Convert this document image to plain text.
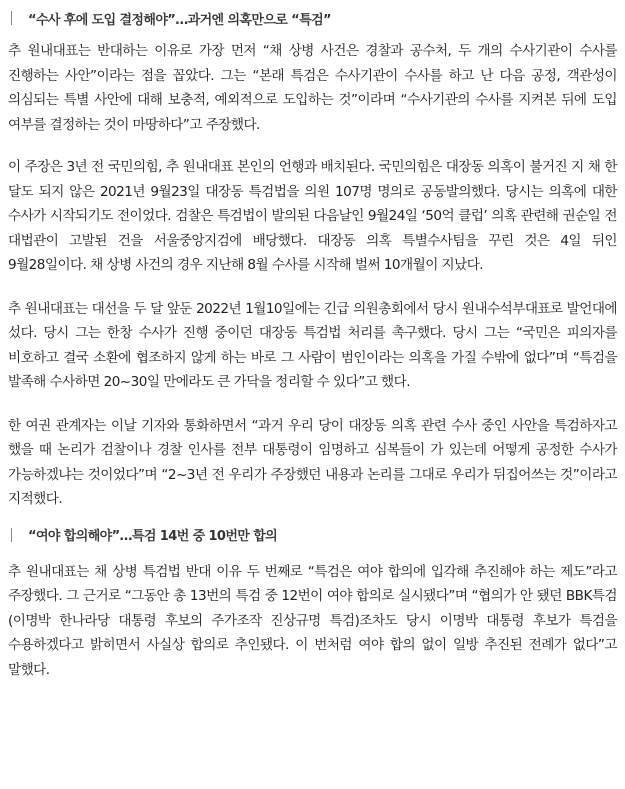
“수사 후에 도입 결정해야”…과거엔 의혹만으로 “특검”

추 원내대표는 반대하는 이유로 가장 먼저 “채 상병 사건은 경찰과 공수처, 두 개의 수사기관이 수사를 진행하는 사안”이라는 점을 꼽았다. 그는 “본래 특검은 수사기관이 수사를 하고 난 다음 공정, 객관성이 의심되는 특별 사안에 대해 보충적, 예외적으로 도입하는 것”이라며 “수사기관의 수사를 지켜본 뒤에 도입 여부를 결정하는 것이 마땅하다”고 주장했다.

이 주장은 3년 전 국민의힘, 추 원내대표 본인의 언행과 배치된다. 국민의힘은 대장동 의혹이 불거진 지 채 한 달도 되지 않은 2021년 9월23일 대장동 특검법을 의원 107명 명의로 공동발의했다. 당시는 의혹에 대한 수사가 시작되기도 전이었다. 검찰은 특검법이 발의된 다음날인 9월24일 ‘50억 클럽’ 의혹 관련해 권순일 전 대법관이 고발된 건을 서울중앙지검에 배당했다. 대장동 의혹 특별수사팀을 꾸린 것은 4일 뒤인 9월28일이다. 채 상병 사건의 경우 지난해 8월 수사를 시작해 벌써 10개월이 지났다.

추 원내대표는 대선을 두 달 앞둔 2022년 1월10일에는 긴급 의원총회에서 당시 원내수석부대표로 발언대에 섰다. 당시 그는 한창 수사가 진행 중이던 대장동 특검법 처리를 촉구했다. 당시 그는 “국민은 피의자를 비호하고 결국 소환에 협조하지 않게 하는 바로 그 사람이 범인이라는 의혹을 가질 수밖에 없다”며 “특검을 발족해 수사하면 20~30일 만에라도 큰 가닥을 정리할 수 있다”고 했다.

한 여권 관계자는 이날 기자와 통화하면서 “과거 우리 당이 대장동 의혹 관련 수사 중인 사안을 특검하자고 했을 때 논리가 검찰이나 경찰 인사를 전부 대통령이 임명하고 심복들이 가 있는데 어떻게 공정한 수사가 가능하겠냐는 것이었다”며 “2~3년 전 우리가 주장했던 내용과 논리를 그대로 우리가 뒤집어쓰는 것”이라고 지적했다.

“여야 합의해야”…특검 14번 중 10번만 합의

추 원내대표는 채 상병 특검법 반대 이유 두 번째로 “특검은 여야 합의에 입각해 추진해야 하는 제도”라고 주장했다. 그 근거로 “그동안 총 13번의 특검 중 12번이 여야 합의로 실시됐다”며 “협의가 안 됐던 BBK특검(이명박 한나라당 대통령 후보의 주가조작 진상규명 특검)조차도 당시 이명박 대통령 후보가 특검을 수용하겠다고 밝히면서 사실상 합의로 추인됐다. 이 번처럼 여야 합의 없이 일방 추진된 전례가 없다”고 말했다.
